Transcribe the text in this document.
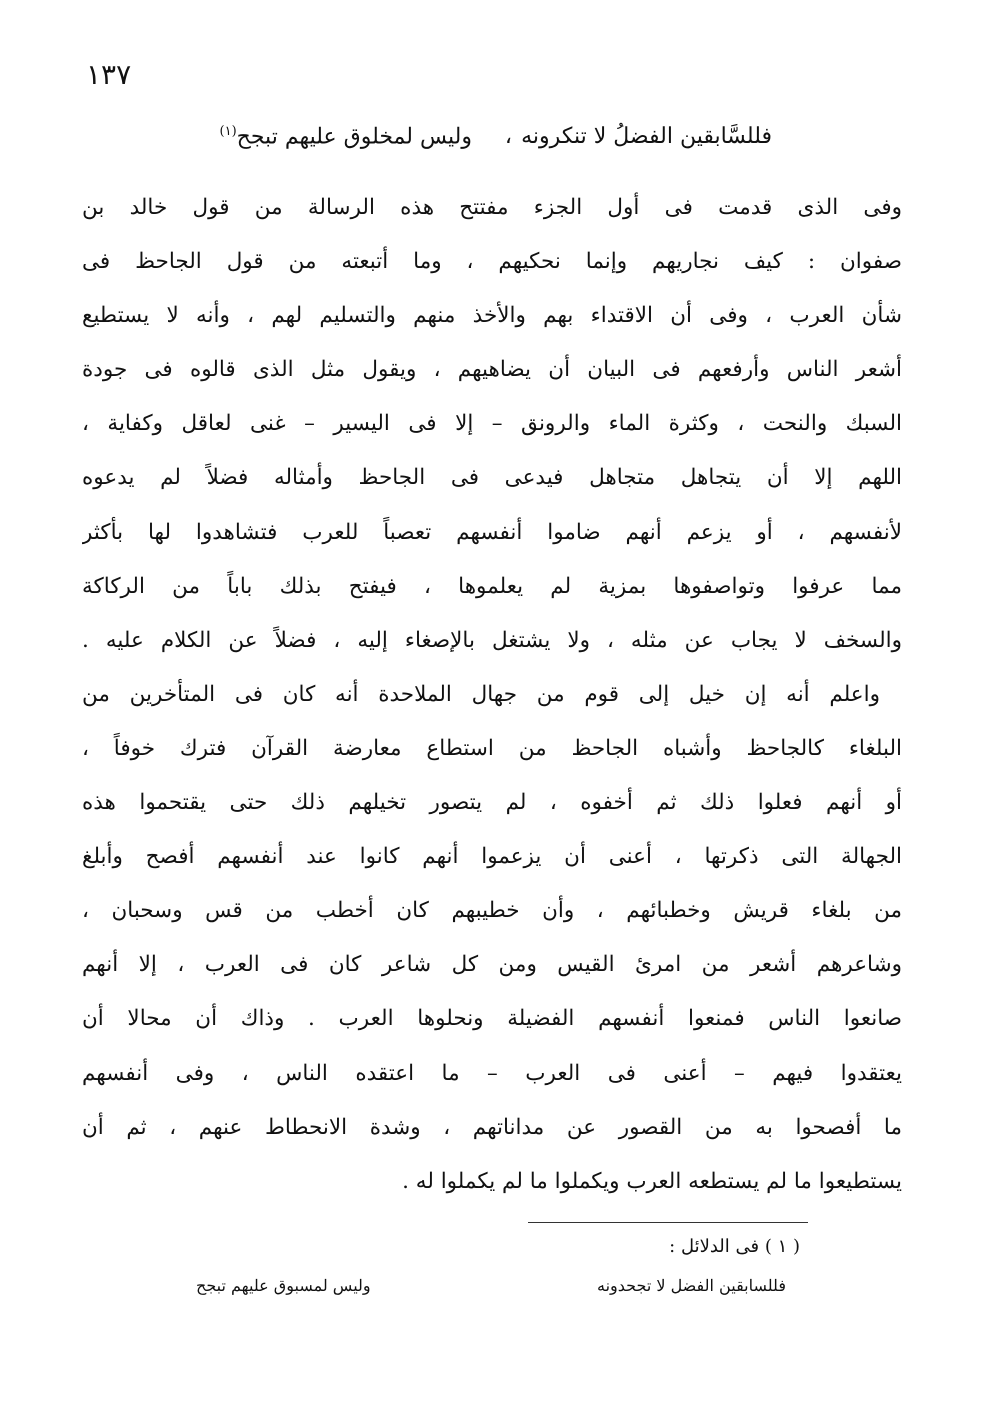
١٣٧
فللسَّابقين الفضلُ لا تنكرونه
،
وليس لمخلوق عليهم تبجح$^{(١)}$
وفى الذى قدمت فى أول الجزء مفتتح هذه الرسالة من قول خالد بن
صفوان : كيف نجاريهم وإنما نحكيهم ، وما أتبعته من قول الجاحظ فى
شأن العرب ، وفى أن الاقتداء بهم والأخذ منهم والتسليم لهم ، وأنه لا يستطيع
أشعر الناس وأرفعهم فى البيان أن يضاهيهم ، ويقول مثل الذى قالوه فى جودة
السبك والنحت ، وكثرة الماء والرونق – إلا فى اليسير – غنى لعاقل وكفاية ،
اللهم إلا أن يتجاهل متجاهل فيدعى فى الجاحظ وأمثاله فضلاً لم يدعوه
لأنفسهم ، أو يزعم أنهم ضاموا أنفسهم تعصباً للعرب فتشاهدوا لها بأكثر
مما عرفوا وتواصفوها بمزية لم يعلموها ، فيفتح بذلك باباً من الركاكة
والسخف لا يجاب عن مثله ، ولا يشتغل بالإصغاء إليه ، فضلاً عن الكلام عليه .
واعلم أنه إن خيل إلى قوم من جهال الملاحدة أنه كان فى المتأخرين من
البلغاء كالجاحظ وأشباه الجاحظ من استطاع معارضة القرآن فترك خوفاً ،
أو أنهم فعلوا ذلك ثم أخفوه ، لم يتصور تخيلهم ذلك حتى يقتحموا هذه
الجهالة التى ذكرتها ، أعنى أن يزعموا أنهم كانوا عند أنفسهم أفصح وأبلغ
من بلغاء قريش وخطبائهم ، وأن خطيبهم كان أخطب من قس وسحبان ،
وشاعرهم أشعر من امرئ القيس ومن كل شاعر كان فى العرب ، إلا أنهم
صانعوا الناس فمنعوا أنفسهم الفضيلة ونحلوها العرب . وذاك أن محالا أن
يعتقدوا فيهم – أعنى فى العرب – ما اعتقده الناس ، وفى أنفسهم
ما أفصحوا به من القصور عن مداناتهم ، وشدة الانحطاط عنهم ، ثم أن
يستطيعوا ما لم يستطعه العرب ويكملوا ما لم يكملوا له .
( ١ ) فى الدلائل :
فللسابقين الفضل لا تجحدونه
وليس لمسبوق عليهم تبجح
